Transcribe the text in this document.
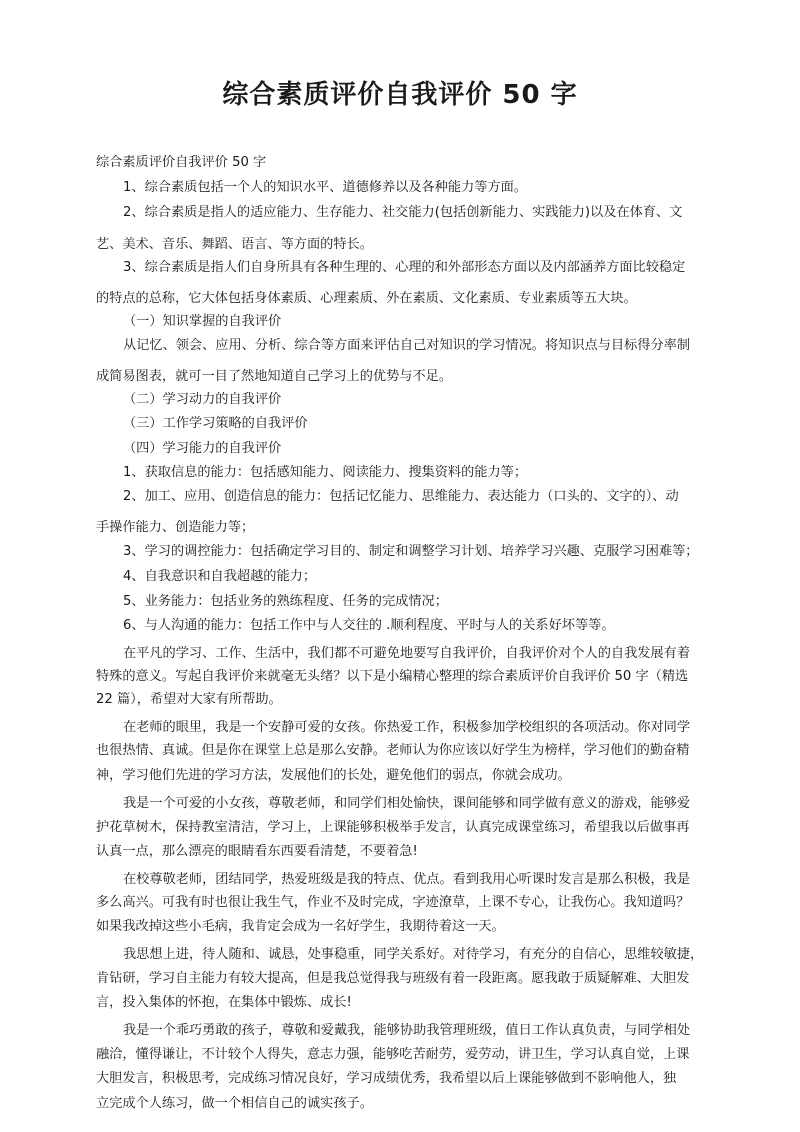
综合素质评价自我评价 50 字
综合素质评价自我评价 50 字
1、综合素质包括一个人的知识水平、道德修养以及各种能力等方面。
2、综合素质是指人的适应能力、生存能力、社交能力(包括创新能力、实践能力)以及在体育、文
艺、美术、音乐、舞蹈、语言、等方面的特长。
3、综合素质是指人们自身所具有各种生理的、心理的和外部形态方面以及内部涵养方面比较稳定
的特点的总称，它大体包括身体素质、心理素质、外在素质、文化素质、专业素质等五大块。
（一）知识掌握的自我评价
从记忆、领会、应用、分析、综合等方面来评估自己对知识的学习情况。将知识点与目标得分率制
成简易图表，就可一目了然地知道自己学习上的优势与不足。
（二）学习动力的自我评价
（三）工作学习策略的自我评价
（四）学习能力的自我评价
1、获取信息的能力：包括感知能力、阅读能力、搜集资料的能力等；
2、加工、应用、创造信息的能力：包括记忆能力、思维能力、表达能力（口头的、文字的）、动
手操作能力、创造能力等；
3、学习的调控能力：包括确定学习目的、制定和调整学习计划、培养学习兴趣、克服学习困难等；
4、自我意识和自我超越的能力；
5、业务能力：包括业务的熟练程度、任务的完成情况；
6、与人沟通的能力：包括工作中与人交往的 .顺利程度、平时与人的关系好坏等等。
在平凡的学习、工作、生活中，我们都不可避免地要写自我评价，自我评价对个人的自我发展有着
特殊的意义。写起自我评价来就毫无头绪？以下是小编精心整理的综合素质评价自我评价 50 字（精选
22 篇），希望对大家有所帮助。
在老师的眼里，我是一个安静可爱的女孩。你热爱工作，积极参加学校组织的各项活动。你对同学
也很热情、真诚。但是你在课堂上总是那么安静。老师认为你应该以好学生为榜样，学习他们的勤奋精
神，学习他们先进的学习方法，发展他们的长处，避免他们的弱点，你就会成功。
我是一个可爱的小女孩，尊敬老师，和同学们相处愉快，课间能够和同学做有意义的游戏，能够爱
护花草树木，保持教室清洁，学习上，上课能够积极举手发言，认真完成课堂练习，希望我以后做事再
认真一点，那么漂亮的眼睛看东西要看清楚，不要着急!
在校尊敬老师，团结同学，热爱班级是我的特点、优点。看到我用心听课时发言是那么积极，我是
多么高兴。可我有时也很让我生气，作业不及时完成，字迹潦草，上课不专心，让我伤心。我知道吗？
如果我改掉这些小毛病，我肯定会成为一名好学生，我期待着这一天。
我思想上进，待人随和、诚恳，处事稳重，同学关系好。对待学习，有充分的自信心，思维较敏捷，
肯钻研，学习自主能力有较大提高，但是我总觉得我与班级有着一段距离。愿我敢于质疑解难、大胆发
言，投入集体的怀抱，在集体中锻炼、成长!
我是一个乖巧勇敢的孩子，尊敬和爱戴我，能够协助我管理班级，值日工作认真负责，与同学相处
融洽，懂得谦让，不计较个人得失，意志力强，能够吃苦耐劳，爱劳动，讲卫生，学习认真自觉，上课
大胆发言，积极思考，完成练习情况良好，学习成绩优秀，我希望以后上课能够做到不影响他人，独
立完成个人练习，做一个相信自己的诚实孩子。
